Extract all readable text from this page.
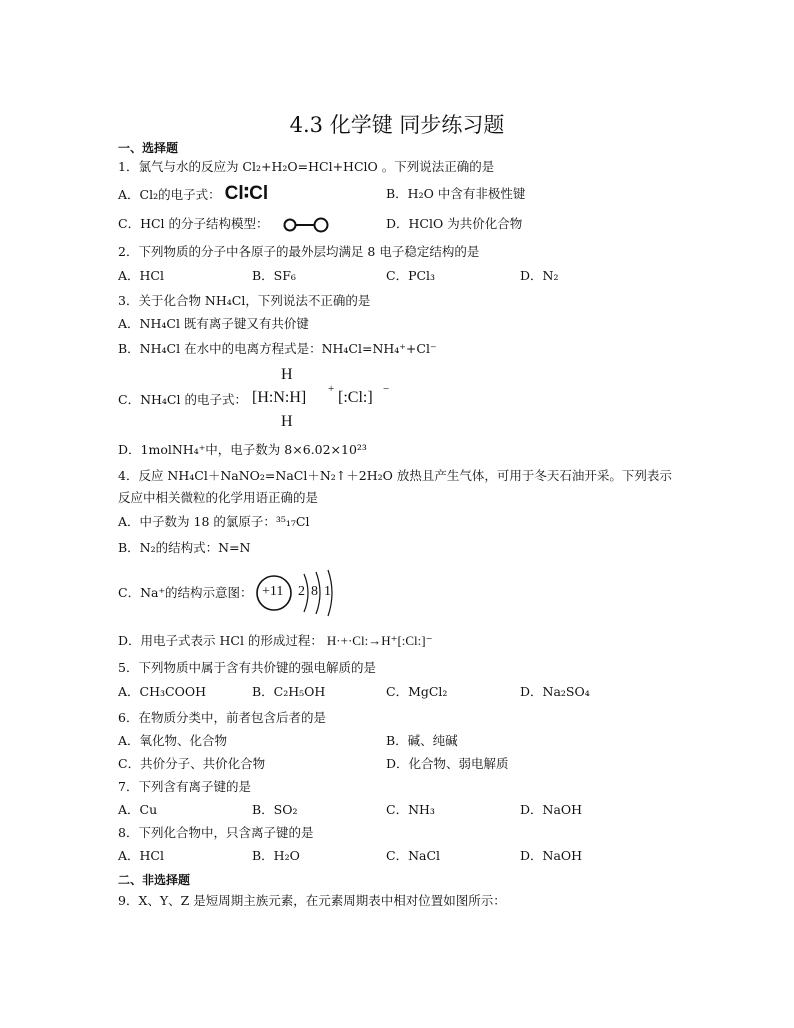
4.3 化学键 同步练习题
一、选择题
1．氯气与水的反应为 Cl₂+H₂O=HCl+HClO 。下列说法正确的是
A．Cl₂的电子式： Cl∶Cl	B．H₂O 中含有非极性键
C．HCl 的分子结构模型：	D．HClO 为共价化合物
2．下列物质的分子中各原子的最外层均满足 8 电子稳定结构的是
A．HCl	B．SF₆	C．PCl₃	D．N₂
3．关于化合物 NH₄Cl，下列说法不正确的是
A．NH₄Cl 既有离子键又有共价键
B．NH₄Cl 在水中的电离方程式是：NH₄Cl=NH₄⁺+Cl⁻
C．NH₄Cl 的电子式：
H
[H:N:H] + [:Cl:] −
H
D．1molNH₄⁺中，电子数为 8×6.02×10²³
4．反应 NH₄Cl＋NaNO₂=NaCl＋N₂↑＋2H₂O 放热且产生气体，可用于冬天石油开采。下列表示
反应中相关微粒的化学用语正确的是
A．中子数为 18 的氯原子：³⁵₁₇Cl
B．N₂的结构式：N=N
C．Na⁺的结构示意图： +11 2 8 1
D．用电子式表示 HCl 的形成过程： H·+·Cl:→H⁺[:Cl:]⁻
5．下列物质中属于含有共价键的强电解质的是
A．CH₃COOH	B．C₂H₅OH	C．MgCl₂	D．Na₂SO₄
6．在物质分类中，前者包含后者的是
A．氧化物、化合物	B．碱、纯碱
C．共价分子、共价化合物	D．化合物、弱电解质
7．下列含有离子键的是
A．Cu	B．SO₂	C．NH₃	D．NaOH
8．下列化合物中，只含离子键的是
A．HCl	B．H₂O	C．NaCl	D．NaOH
二、非选择题
9．X、Y、Z 是短周期主族元素，在元素周期表中相对位置如图所示：
